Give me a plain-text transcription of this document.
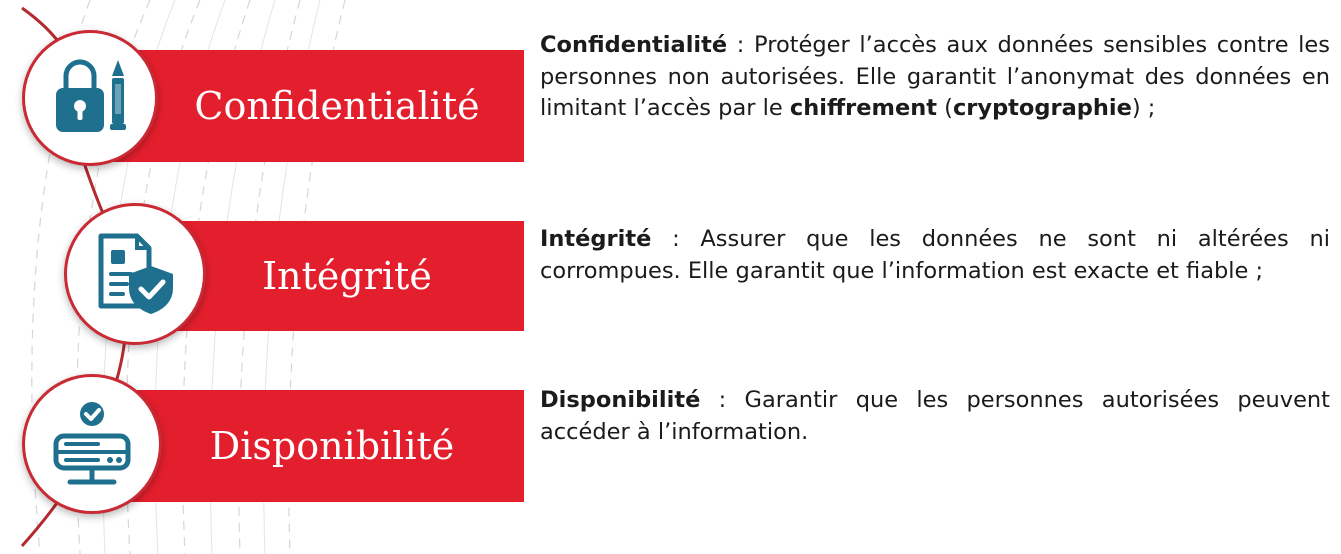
Confidentialité
Intégrité
Disponibilité

Confidentialité : Protéger l’accès aux données sensibles contre les personnes non autorisées. Elle garantit l’anonymat des données en limitant l’accès par le chiffrement (cryptographie) ;

Intégrité : Assurer que les données ne sont ni altérées ni corrompues. Elle garantit que l’information est exacte et fiable ;

Disponibilité : Garantir que les personnes autorisées peuvent accéder à l’information.
